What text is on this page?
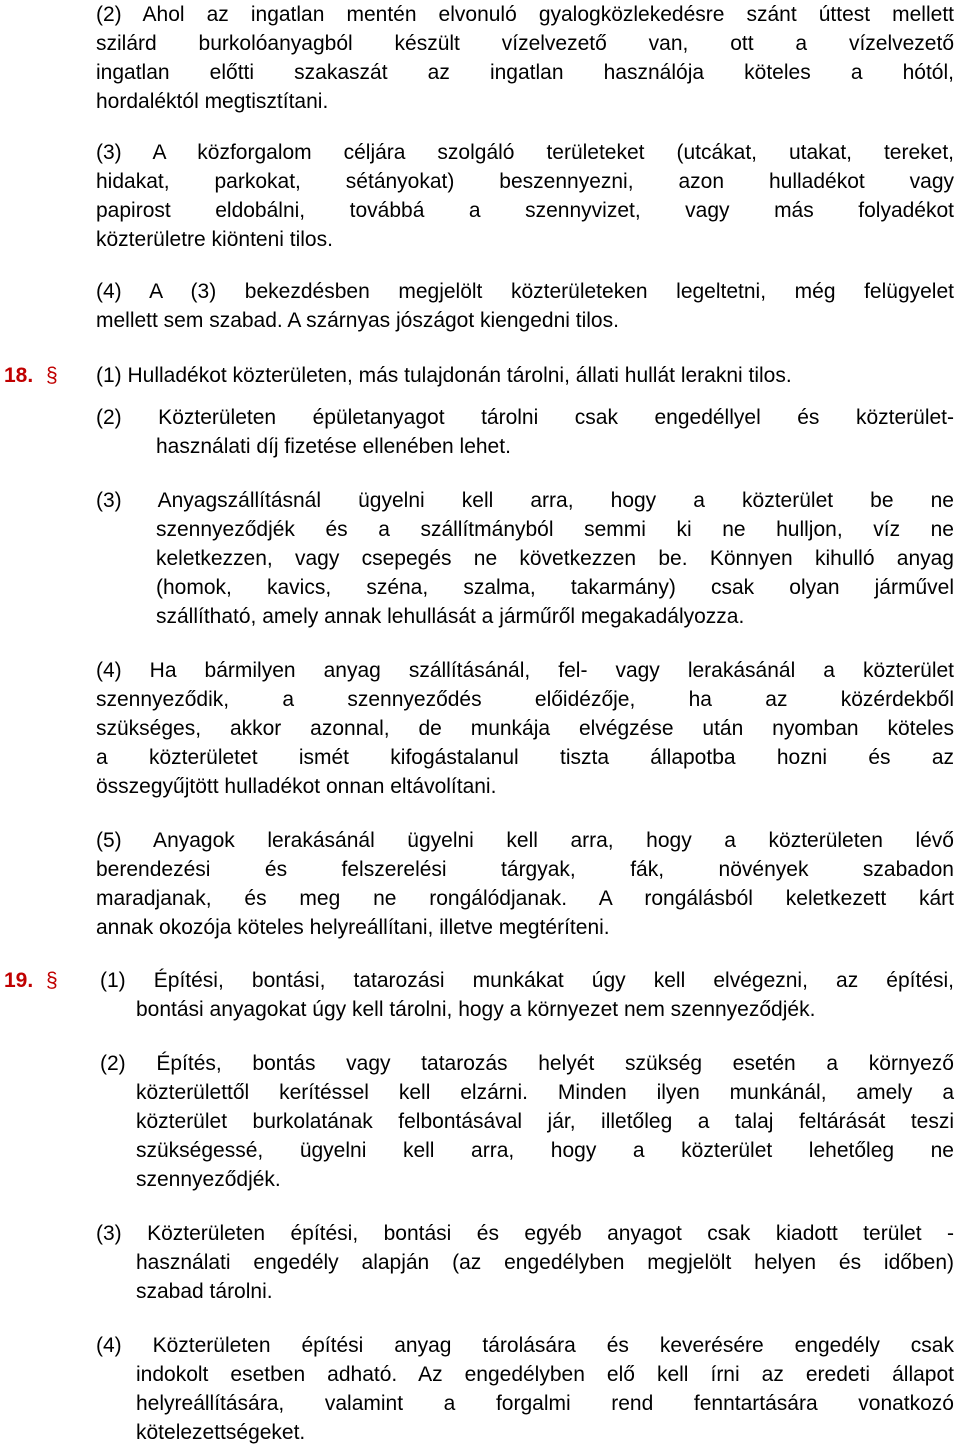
(2) Ahol az ingatlan mentén elvonuló gyalogközlekedésre szánt úttest mellett
szilárd burkolóanyagból készült vízelvezető van, ott a vízelvezető
ingatlan előtti szakaszát az ingatlan használója köteles a hótól,
hordaléktól megtisztítani.
(3) A közforgalom céljára szolgáló területeket (utcákat, utakat, tereket,
hidakat, parkokat, sétányokat) beszennyezni, azon hulladékot vagy
papirost eldobálni, továbbá a szennyvizet, vagy más folyadékot
közterületre kiönteni tilos.
(4) A (3) bekezdésben megjelölt közterületeken legeltetni, még felügyelet
mellett sem szabad. A szárnyas jószágot kiengedni tilos.
18. § (1) Hulladékot közterületen, más tulajdonán tárolni, állati hullát lerakni tilos.
(2) Közterületen épületanyagot tárolni csak engedéllyel és közterület-
használati díj fizetése ellenében lehet.
(3) Anyagszállításnál ügyelni kell arra, hogy a közterület be ne
szennyeződjék és a szállítmányból semmi ki ne hulljon, víz ne
keletkezzen, vagy csepegés ne következzen be. Könnyen kihulló anyag
(homok, kavics, széna, szalma, takarmány) csak olyan járművel
szállítható, amely annak lehullását a járműről megakadályozza.
(4) Ha bármilyen anyag szállításánál, fel- vagy lerakásánál a közterület
szennyeződik, a szennyeződés előidézője, ha az közérdekből
szükséges, akkor azonnal, de munkája elvégzése után nyomban köteles
a közterületet ismét kifogástalanul tiszta állapotba hozni és az
összegyűjtött hulladékot onnan eltávolítani.
(5) Anyagok lerakásánál ügyelni kell arra, hogy a közterületen lévő
berendezési és felszerelési tárgyak, fák, növények szabadon
maradjanak, és meg ne rongálódjanak. A rongálásból keletkezett kárt
annak okozója köteles helyreállítani, illetve megtéríteni.
19. § (1) Építési, bontási, tatarozási munkákat úgy kell elvégezni, az építési,
bontási anyagokat úgy kell tárolni, hogy a környezet nem szennyeződjék.
(2) Építés, bontás vagy tatarozás helyét szükség esetén a környező
közterülettől kerítéssel kell elzárni. Minden ilyen munkánál, amely a
közterület burkolatának felbontásával jár, illetőleg a talaj feltárását teszi
szükségessé, ügyelni kell arra, hogy a közterület lehetőleg ne
szennyeződjék.
(3) Közterületen építési, bontási és egyéb anyagot csak kiadott terület -
használati engedély alapján (az engedélyben megjelölt helyen és időben)
szabad tárolni.
(4) Közterületen építési anyag tárolására és keverésére engedély csak
indokolt esetben adható. Az engedélyben elő kell írni az eredeti állapot
helyreállítására, valamint a forgalmi rend fenntartására vonatkozó
kötelezettségeket.
